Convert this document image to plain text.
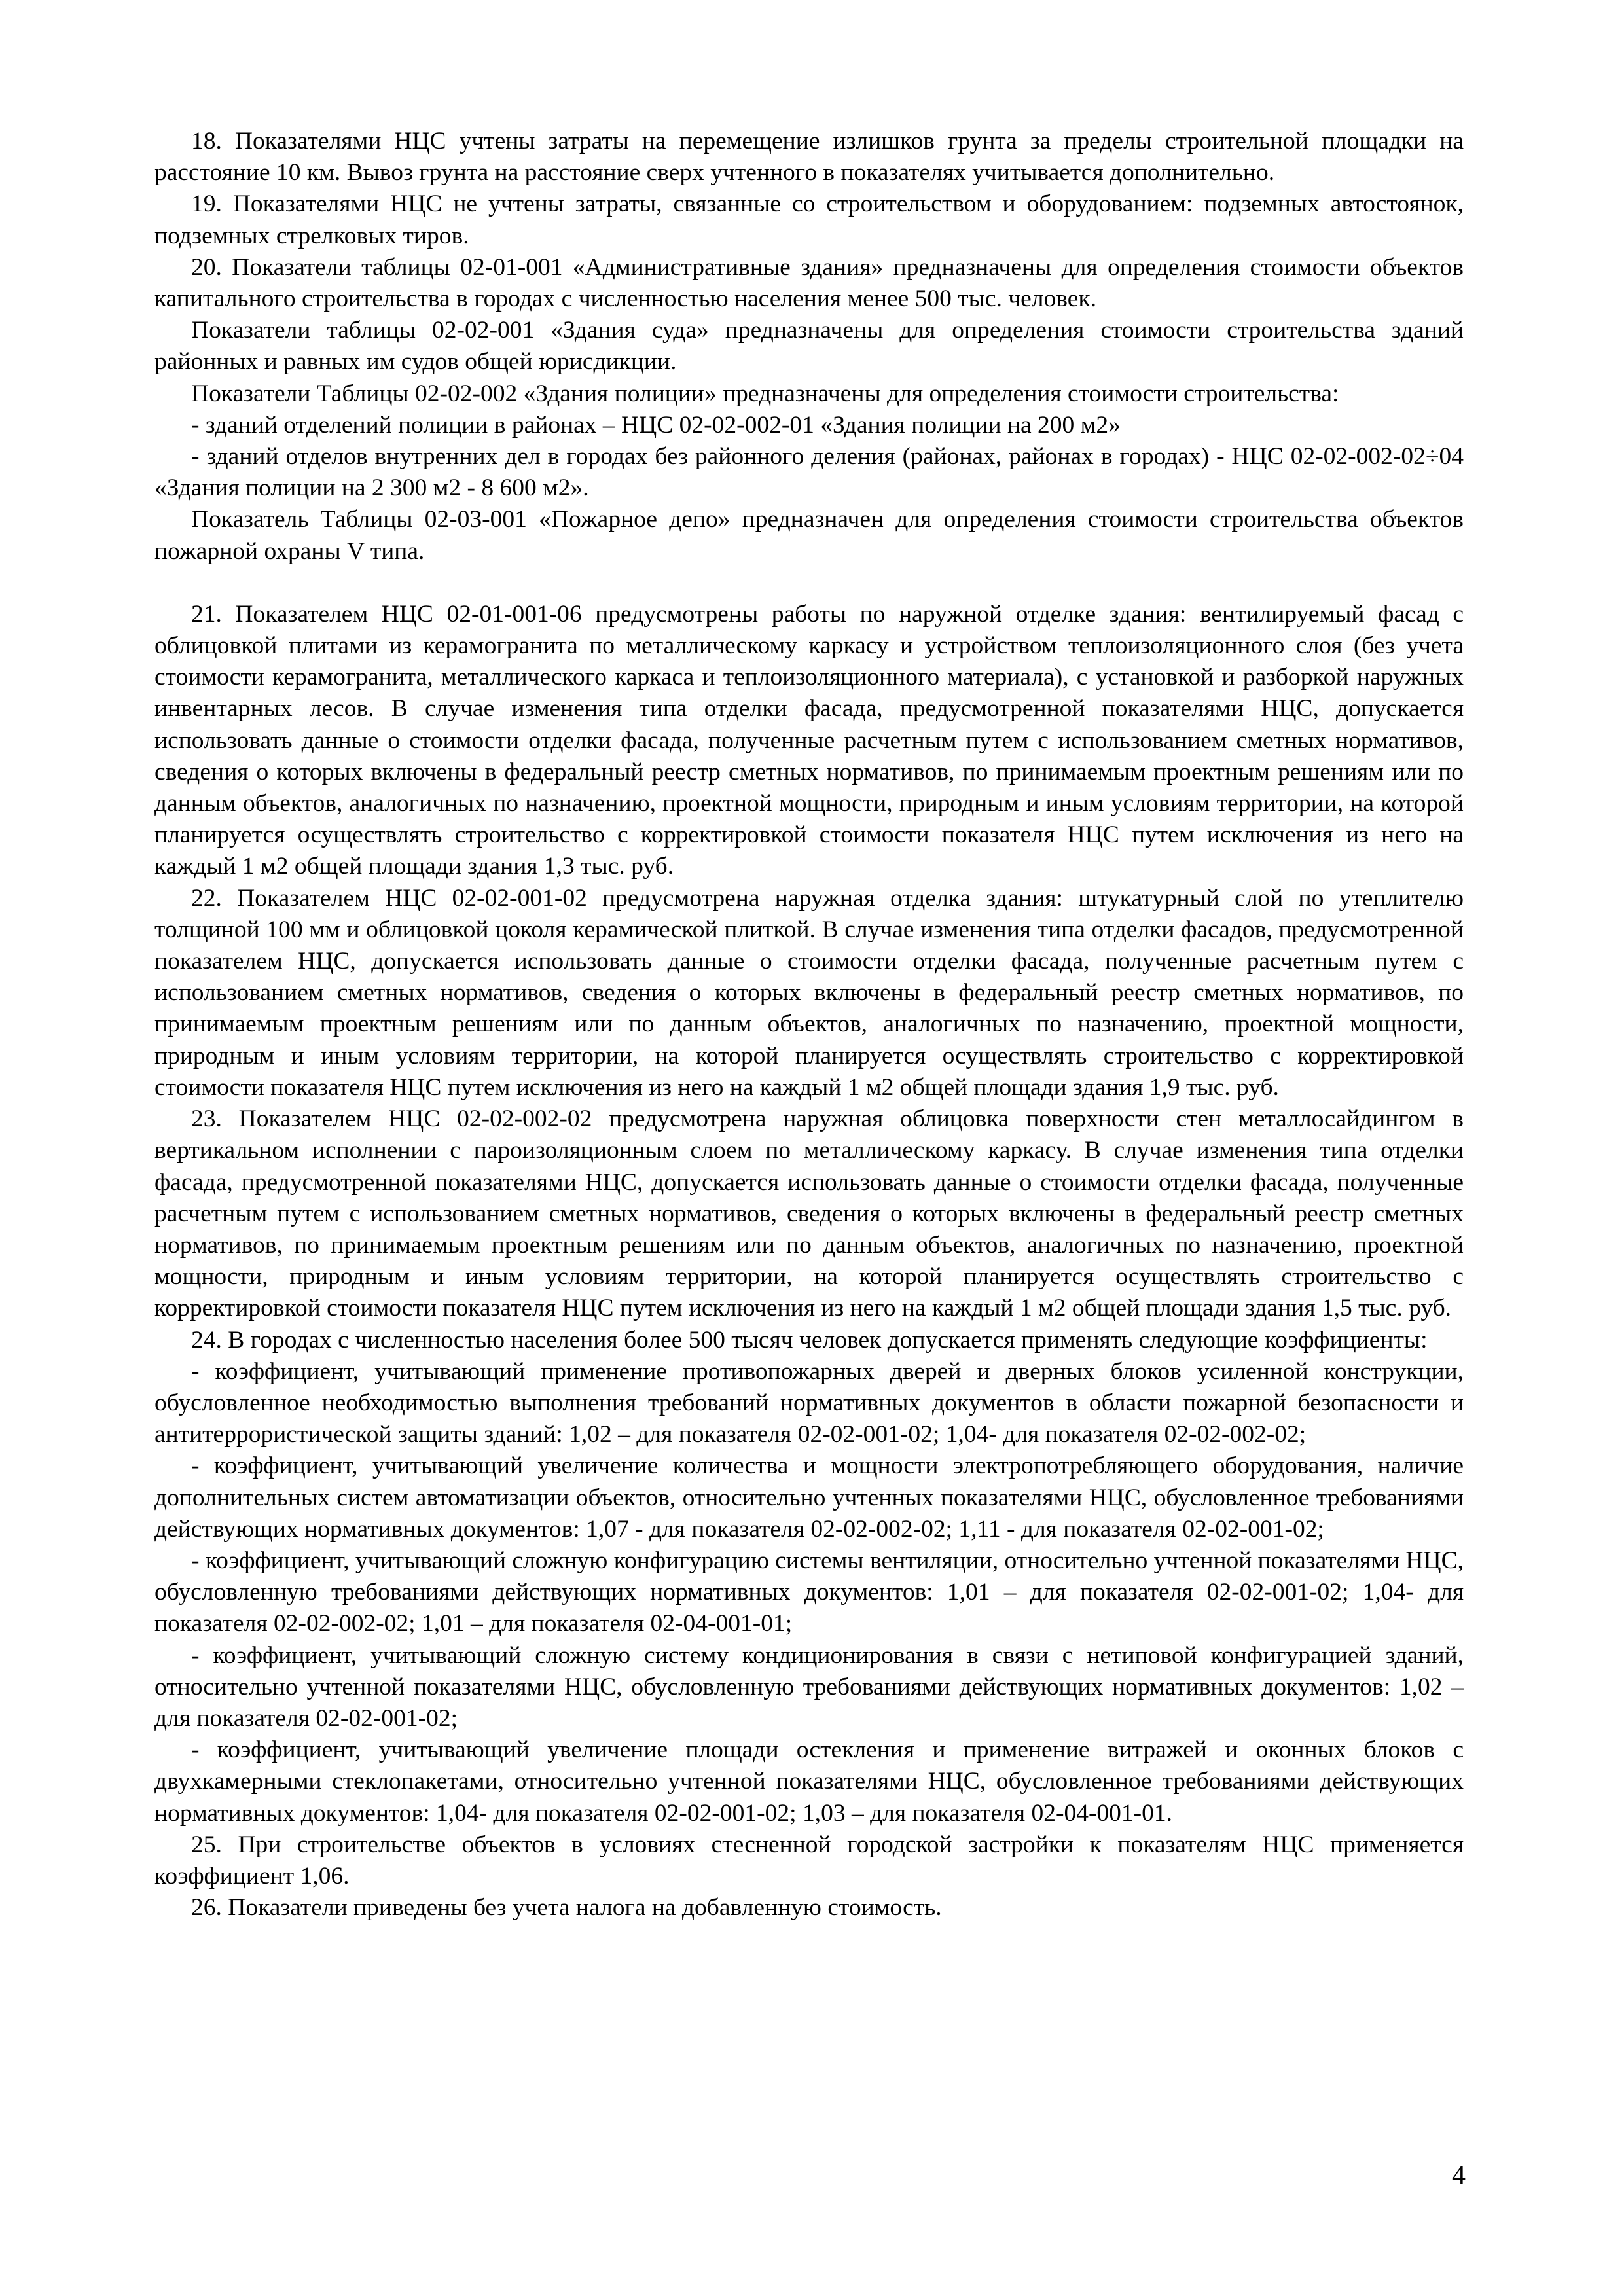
18. Показателями НЦС учтены затраты на перемещение излишков грунта за пределы строительной площадки на расстояние 10 км. Вывоз грунта на расстояние сверх учтенного в показателях учитывается дополнительно.

19. Показателями НЦС не учтены затраты, связанные со строительством и оборудованием: подземных автостоянок, подземных стрелковых тиров.

20. Показатели таблицы 02-01-001 «Административные здания» предназначены для определения стоимости объектов капитального строительства в городах с численностью населения менее 500 тыс. человек.

Показатели таблицы 02-02-001 «Здания суда» предназначены для определения стоимости строительства зданий районных и равных им судов общей юрисдикции.

Показатели Таблицы 02-02-002 «Здания полиции» предназначены для определения стоимости строительства:

- зданий отделений полиции в районах – НЦС 02-02-002-01 «Здания полиции на 200 м2»

- зданий отделов внутренних дел в городах без районного деления (районах, районах в городах) - НЦС 02-02-002-02÷04 «Здания полиции на 2 300 м2 - 8 600 м2».

Показатель Таблицы 02-03-001 «Пожарное депо» предназначен для определения стоимости строительства объектов пожарной охраны V типа.

21. Показателем НЦС 02-01-001-06 предусмотрены работы по наружной отделке здания: вентилируемый фасад с облицовкой плитами из керамогранита по металлическому каркасу и устройством теплоизоляционного слоя (без учета стоимости керамогранита, металлического каркаса и теплоизоляционного материала), с установкой и разборкой наружных инвентарных лесов. В случае изменения типа отделки фасада, предусмотренной показателями НЦС, допускается использовать данные о стоимости отделки фасада, полученные расчетным путем с использованием сметных нормативов, сведения о которых включены в федеральный реестр сметных нормативов, по принимаемым проектным решениям или по данным объектов, аналогичных по назначению, проектной мощности, природным и иным условиям территории, на которой планируется осуществлять строительство с корректировкой стоимости показателя НЦС путем исключения из него на каждый 1 м2 общей площади здания 1,3 тыс. руб.

22. Показателем НЦС 02-02-001-02 предусмотрена наружная отделка здания: штукатурный слой по утеплителю толщиной 100 мм и облицовкой цоколя керамической плиткой. В случае изменения типа отделки фасадов, предусмотренной показателем НЦС, допускается использовать данные о стоимости отделки фасада, полученные расчетным путем с использованием сметных нормативов, сведения о которых включены в федеральный реестр сметных нормативов, по принимаемым проектным решениям или по данным объектов, аналогичных по назначению, проектной мощности, природным и иным условиям территории, на которой планируется осуществлять строительство с корректировкой стоимости показателя НЦС путем исключения из него на каждый 1 м2 общей площади здания 1,9 тыс. руб.

23. Показателем НЦС 02-02-002-02 предусмотрена наружная облицовка поверхности стен металлосайдингом в вертикальном исполнении с пароизоляционным слоем по металлическому каркасу. В случае изменения типа отделки фасада, предусмотренной показателями НЦС, допускается использовать данные о стоимости отделки фасада, полученные расчетным путем с использованием сметных нормативов, сведения о которых включены в федеральный реестр сметных нормативов, по принимаемым проектным решениям или по данным объектов, аналогичных по назначению, проектной мощности, природным и иным условиям территории, на которой планируется осуществлять строительство с корректировкой стоимости показателя НЦС путем исключения из него на каждый 1 м2 общей площади здания 1,5 тыс. руб.

24. В городах с численностью населения более 500 тысяч человек допускается применять следующие коэффициенты:

- коэффициент, учитывающий применение противопожарных дверей и дверных блоков усиленной конструкции, обусловленное необходимостью выполнения требований нормативных документов в области пожарной безопасности и антитеррористической защиты зданий: 1,02 – для показателя 02-02-001-02; 1,04- для показателя 02-02-002-02;

- коэффициент, учитывающий увеличение количества и мощности электропотребляющего оборудования, наличие дополнительных систем автоматизации объектов, относительно учтенных показателями НЦС, обусловленное требованиями действующих нормативных документов: 1,07 - для показателя 02-02-002-02; 1,11 - для показателя 02-02-001-02;

- коэффициент, учитывающий сложную конфигурацию системы вентиляции, относительно учтенной показателями НЦС, обусловленную требованиями действующих нормативных документов: 1,01 – для показателя 02-02-001-02; 1,04- для показателя 02-02-002-02; 1,01 – для показателя 02-04-001-01;

- коэффициент, учитывающий сложную систему кондиционирования в связи с нетиповой конфигурацией зданий, относительно учтенной показателями НЦС, обусловленную требованиями действующих нормативных документов: 1,02 – для показателя 02-02-001-02;

- коэффициент, учитывающий увеличение площади остекления и применение витражей и оконных блоков с двухкамерными стеклопакетами, относительно учтенной показателями НЦС, обусловленное требованиями действующих нормативных документов: 1,04- для показателя 02-02-001-02; 1,03 – для показателя 02-04-001-01.

25. При строительстве объектов в условиях стесненной городской застройки к показателям НЦС применяется коэффициент 1,06.

26. Показатели приведены без учета налога на добавленную стоимость.

4
